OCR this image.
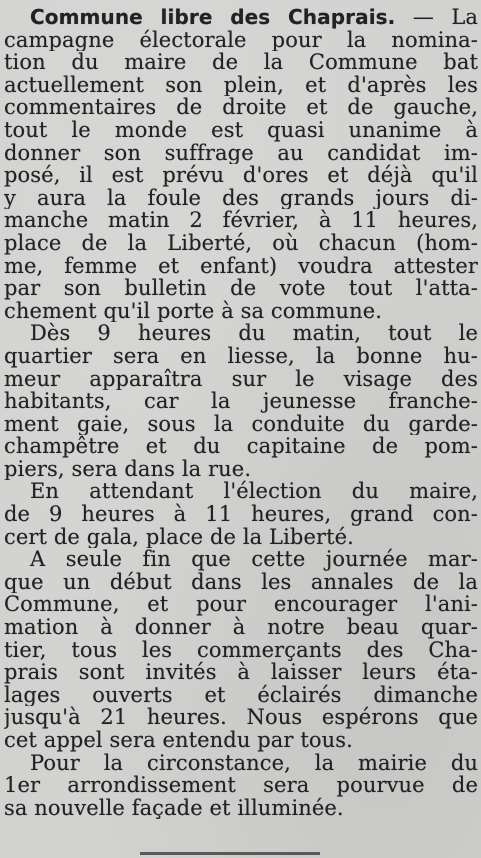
Commune libre des Chaprais. — La
campagne électorale pour la nomina-
tion du maire de la Commune bat
actuellement son plein, et d'après les
commentaires de droite et de gauche,
tout le monde est quasi unanime à
donner son suffrage au candidat im-
posé, il est prévu d'ores et déjà qu'il
y aura la foule des grands jours di-
manche matin 2 février, à 11 heures,
place de la Liberté, où chacun (hom-
me, femme et enfant) voudra attester
par son bulletin de vote tout l'atta-
chement qu'il porte à sa commune.
Dès 9 heures du matin, tout le
quartier sera en liesse, la bonne hu-
meur apparaîtra sur le visage des
habitants, car la jeunesse franche-
ment gaie, sous la conduite du garde-
champêtre et du capitaine de pom-
piers, sera dans la rue.
En attendant l'élection du maire,
de 9 heures à 11 heures, grand con-
cert de gala, place de la Liberté.
A seule fin que cette journée mar-
que un début dans les annales de la
Commune, et pour encourager l'ani-
mation à donner à notre beau quar-
tier, tous les commerçants des Cha-
prais sont invités à laisser leurs éta-
lages ouverts et éclairés dimanche
jusqu'à 21 heures. Nous espérons que
cet appel sera entendu par tous.
Pour la circonstance, la mairie du
1er arrondissement sera pourvue de
sa nouvelle façade et illuminée.
